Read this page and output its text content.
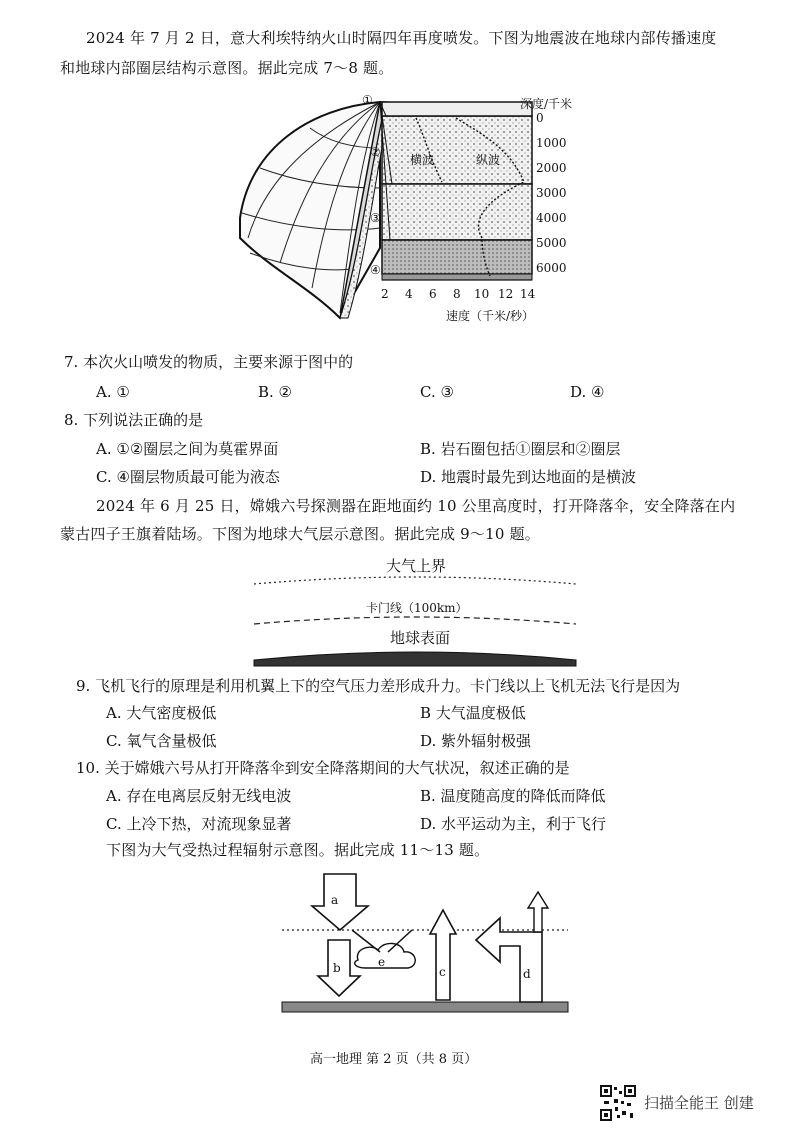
2024 年 7 月 2 日，意大利埃特纳火山时隔四年再度喷发。下图为地震波在地球内部传播速度
和地球内部圈层结构示意图。据此完成 7～8 题。
①
②
③
④
横波	纵波
深度/千米
0
1000
2000
3000
4000
5000
6000
2 4 6 8 10 12 14
速度（千米/秒）
7. 本次火山喷发的物质，主要来源于图中的
A. ①	B. ②	C. ③	D. ④
8. 下列说法正确的是
A. ①②圈层之间为莫霍界面	B. 岩石圈包括①圈层和②圈层
C. ④圈层物质最可能为液态	D. 地震时最先到达地面的是横波
2024 年 6 月 25 日，嫦娥六号探测器在距地面约 10 公里高度时，打开降落伞，安全降落在内
蒙古四子王旗着陆场。下图为地球大气层示意图。据此完成 9～10 题。
大气上界
卡门线（100km）
地球表面
9. 飞机飞行的原理是利用机翼上下的空气压力差形成升力。卡门线以上飞机无法飞行是因为
A. 大气密度极低	B 大气温度极低
C. 氧气含量极低	D. 紫外辐射极强
10. 关于嫦娥六号从打开降落伞到安全降落期间的大气状况，叙述正确的是
A. 存在电离层反射无线电波	B. 温度随高度的降低而降低
C. 上冷下热，对流现象显著	D. 水平运动为主，利于飞行
下图为大气受热过程辐射示意图。据此完成 11～13 题。
a
b	c	d
e
高一地理 第 2 页（共 8 页）
扫描全能王 创建
